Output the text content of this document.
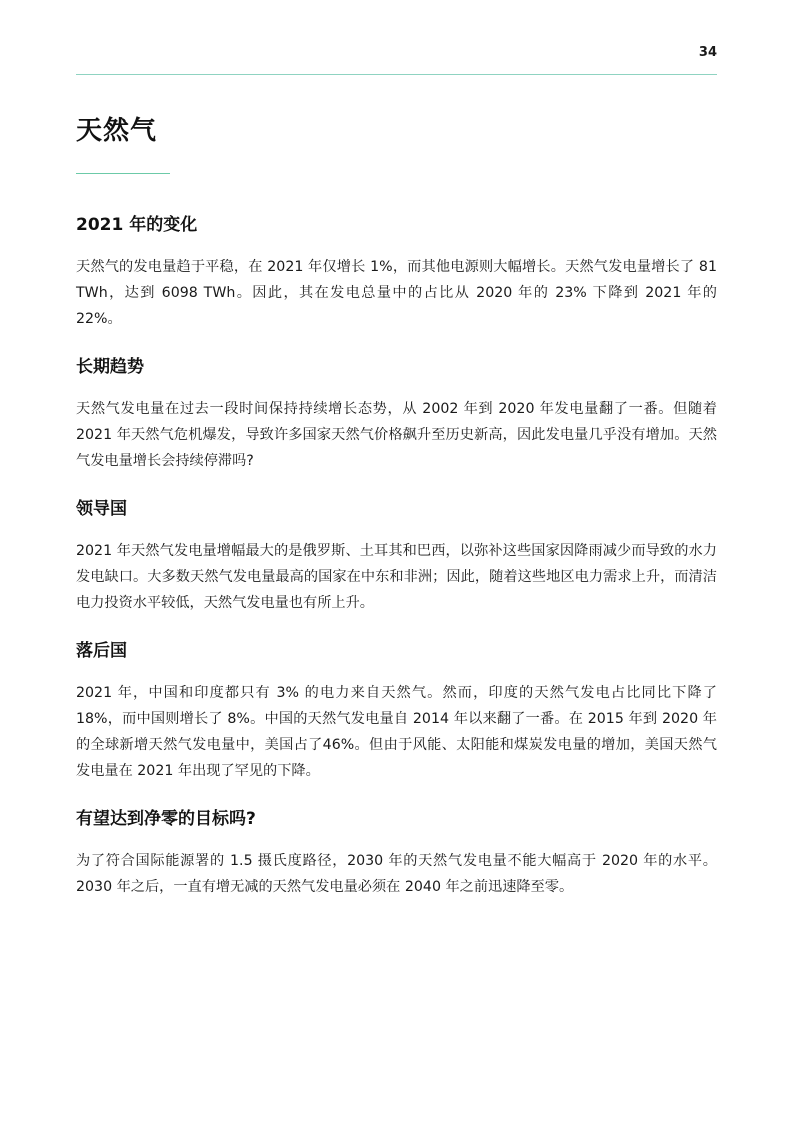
34
天然气
2021 年的变化

天然气的发电量趋于平稳，在 2021 年仅增长 1%，而其他电源则大幅增长。天然气发电量增长了 81 TWh，达到 6098 TWh。因此，其在发电总量中的占比从 2020 年的 23% 下降到 2021 年的 22%。

长期趋势

天然气发电量在过去一段时间保持持续增长态势，从 2002 年到 2020 年发电量翻了一番。但随着 2021 年天然气危机爆发，导致许多国家天然气价格飙升至历史新高，因此发电量几乎没有增加。天然气发电量增长会持续停滞吗?

领导国

2021 年天然气发电量增幅最大的是俄罗斯、土耳其和巴西，以弥补这些国家因降雨减少而导致的水力发电缺口。大多数天然气发电量最高的国家在中东和非洲；因此，随着这些地区电力需求上升，而清洁电力投资水平较低，天然气发电量也有所上升。

落后国

2021 年，中国和印度都只有 3% 的电力来自天然气。然而，印度的天然气发电占比同比下降了 18%，而中国则增长了 8%。中国的天然气发电量自 2014 年以来翻了一番。在 2015 年到 2020 年的全球新增天然气发电量中，美国占了46%。但由于风能、太阳能和煤炭发电量的增加，美国天然气发电量在 2021 年出现了罕见的下降。

有望达到净零的目标吗?

为了符合国际能源署的 1.5 摄氏度路径，2030 年的天然气发电量不能大幅高于 2020 年的水平。2030 年之后，一直有增无减的天然气发电量必须在 2040 年之前迅速降至零。
